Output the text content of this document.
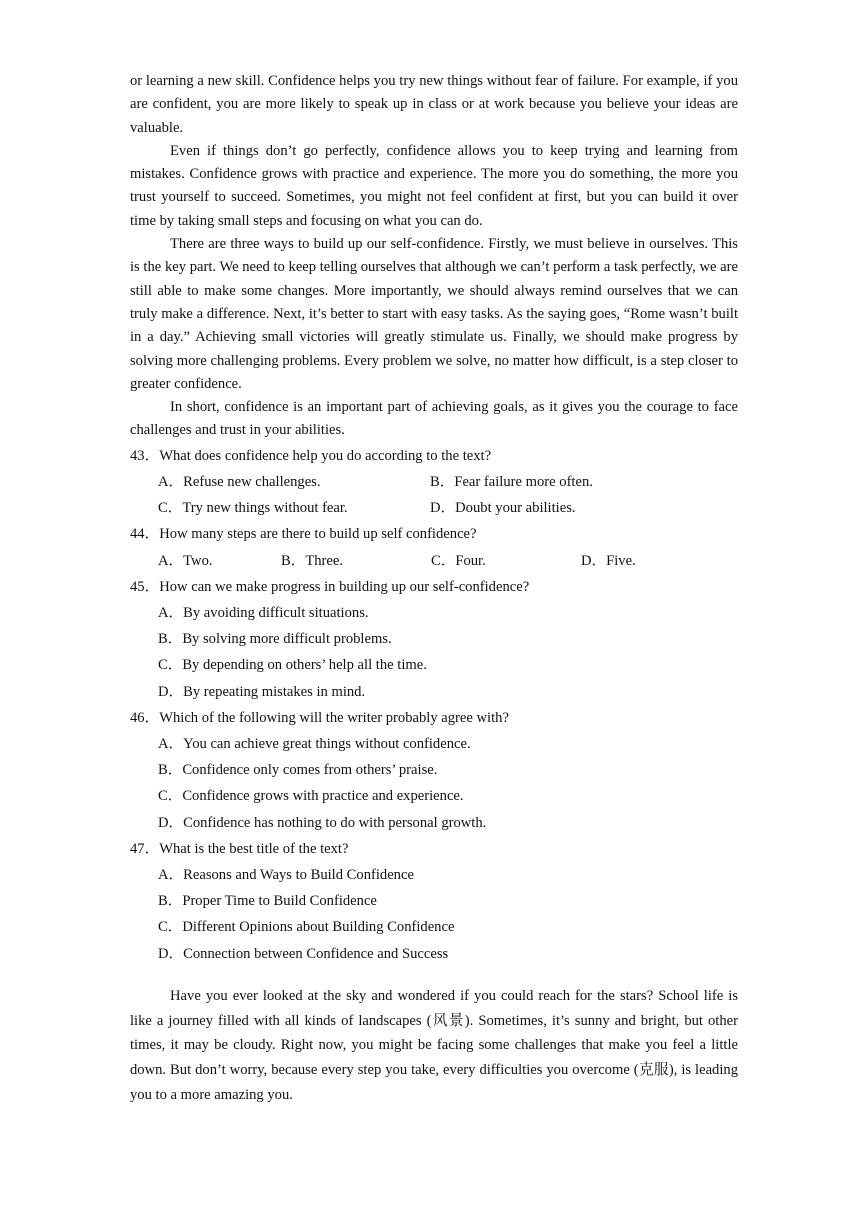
or learning a new skill. Confidence helps you try new things without fear of failure. For example, if you are confident, you are more likely to speak up in class or at work because you believe your ideas are valuable.

Even if things don’t go perfectly, confidence allows you to keep trying and learning from mistakes. Confidence grows with practice and experience. The more you do something, the more you trust yourself to succeed. Sometimes, you might not feel confident at first, but you can build it over time by taking small steps and focusing on what you can do.

There are three ways to build up our self-confidence. Firstly, we must believe in ourselves. This is the key part. We need to keep telling ourselves that although we can’t perform a task perfectly, we are still able to make some changes. More importantly, we should always remind ourselves that we can truly make a difference. Next, it’s better to start with easy tasks. As the saying goes, “Rome wasn’t built in a day.” Achieving small victories will greatly stimulate us. Finally, we should make progress by solving more challenging problems. Every problem we solve, no matter how difficult, is a step closer to greater confidence.

In short, confidence is an important part of achieving goals, as it gives you the courage to face challenges and trust in your abilities.

43．What does confidence help you do according to the text?

A．Refuse new challenges.	B．Fear failure more often.
C．Try new things without fear.	D．Doubt your abilities.

44．How many steps are there to build up self confidence?

A．Two.	B．Three.	C．Four.	D．Five.

45．How can we make progress in building up our self-confidence?

A．By avoiding difficult situations.
B．By solving more difficult problems.
C．By depending on others’ help all the time.
D．By repeating mistakes in mind.

46．Which of the following will the writer probably agree with?

A．You can achieve great things without confidence.
B．Confidence only comes from others’ praise.
C．Confidence grows with practice and experience.
D．Confidence has nothing to do with personal growth.

47．What is the best title of the text?

A．Reasons and Ways to Build Confidence
B．Proper Time to Build Confidence
C．Different Opinions about Building Confidence
D．Connection between Confidence and Success

Have you ever looked at the sky and wondered if you could reach for the stars? School life is like a journey filled with all kinds of landscapes (风景). Sometimes, it’s sunny and bright, but other times, it may be cloudy. Right now, you might be facing some challenges that make you feel a little down. But don’t worry, because every step you take, every difficulties you overcome (克服), is leading you to a more amazing you.
